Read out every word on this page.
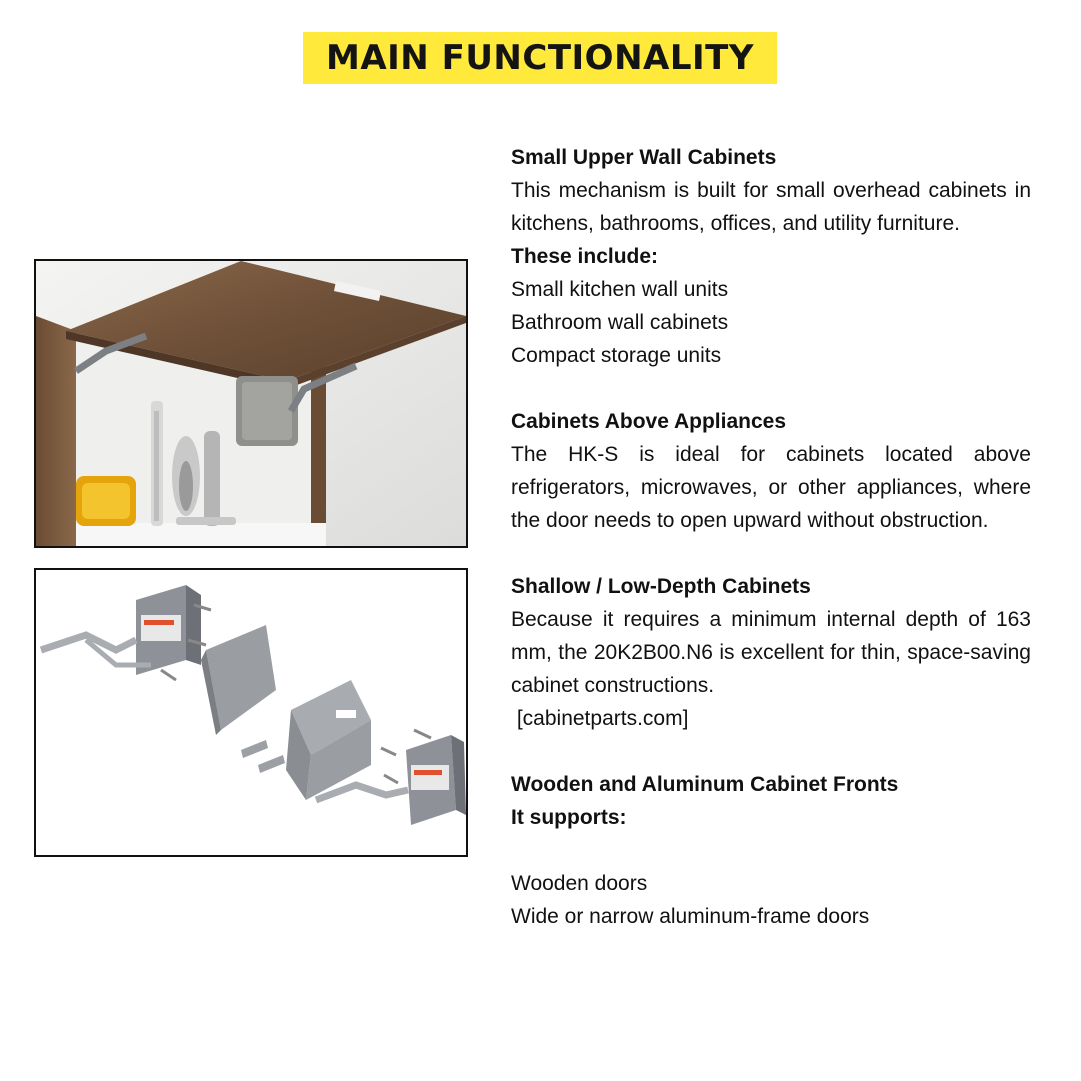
MAIN FUNCTIONALITY
Small Upper Wall Cabinets
This mechanism is built for small overhead cabinets in kitchens, bathrooms, offices, and utility furniture.
These include:
Small kitchen wall units
Bathroom wall cabinets
Compact storage units
Cabinets Above Appliances
The HK-S is ideal for cabinets located above refrigerators, microwaves, or other appliances, where the door needs to open upward without obstruction.
Shallow / Low-Depth Cabinets
Because it requires a minimum internal depth of 163 mm, the 20K2B00.N6 is excellent for thin, space-saving cabinet constructions.
[cabinetparts.com]
Wooden and Aluminum Cabinet Fronts
It supports:
Wooden doors
Wide or narrow aluminum-frame doors
